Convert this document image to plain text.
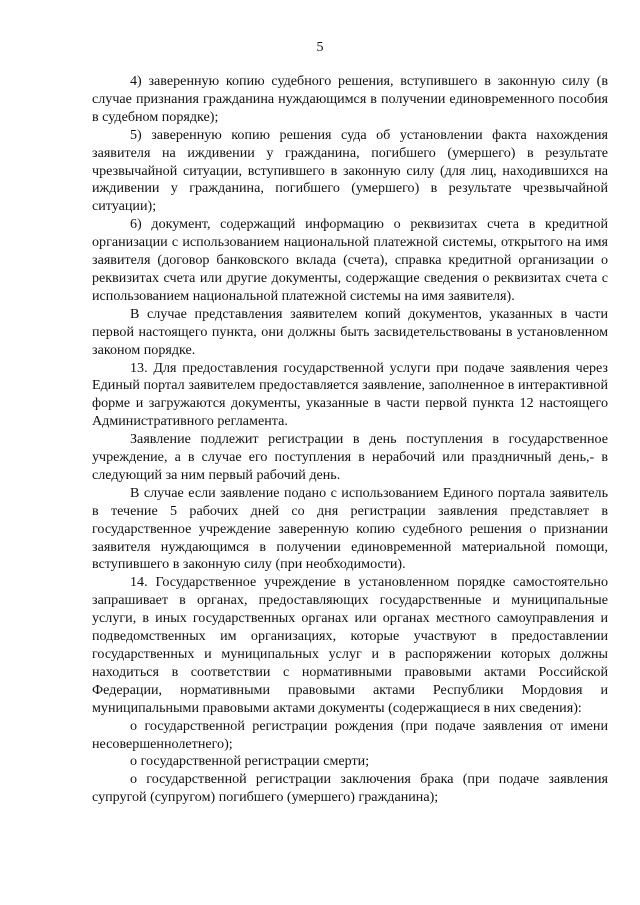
5

4) заверенную копию судебного решения, вступившего в законную силу (в случае признания гражданина нуждающимся в получении единовременного пособия в судебном порядке);

5) заверенную копию решения суда об установлении факта нахождения заявителя на иждивении у гражданина, погибшего (умершего) в результате чрезвычайной ситуации, вступившего в законную силу (для лиц, находившихся на иждивении у гражданина, погибшего (умершего) в результате чрезвычайной ситуации);

6) документ, содержащий информацию о реквизитах счета в кредитной организации с использованием национальной платежной системы, открытого на имя заявителя (договор банковского вклада (счета), справка кредитной организации о реквизитах счета или другие документы, содержащие сведения о реквизитах счета с использованием национальной платежной системы на имя заявителя).

В случае представления заявителем копий документов, указанных в части первой настоящего пункта, они должны быть засвидетельствованы в установленном законом порядке.

13. Для предоставления государственной услуги при подаче заявления через Единый портал заявителем предоставляется заявление, заполненное в интерактивной форме и загружаются документы, указанные в части первой пункта 12 настоящего Административного регламента.

Заявление подлежит регистрации в день поступления в государственное учреждение, а в случае его поступления в нерабочий или праздничный день,- в следующий за ним первый рабочий день.

В случае если заявление подано с использованием Единого портала заявитель в течение 5 рабочих дней со дня регистрации заявления представляет в государственное учреждение заверенную копию судебного решения о признании заявителя нуждающимся в получении единовременной материальной помощи, вступившего в законную силу (при необходимости).

14. Государственное учреждение в установленном порядке самостоятельно запрашивает в органах, предоставляющих государственные и муниципальные услуги, в иных государственных органах или органах местного самоуправления и подведомственных им организациях, которые участвуют в предоставлении государственных и муниципальных услуг и в распоряжении которых должны находиться в соответствии с нормативными правовыми актами Российской Федерации, нормативными правовыми актами Республики Мордовия и муниципальными правовыми актами документы (содержащиеся в них сведения):

о государственной регистрации рождения (при подаче заявления от имени несовершеннолетнего);

о государственной регистрации смерти;

о государственной регистрации заключения брака (при подаче заявления супругой (супругом) погибшего (умершего) гражданина);
